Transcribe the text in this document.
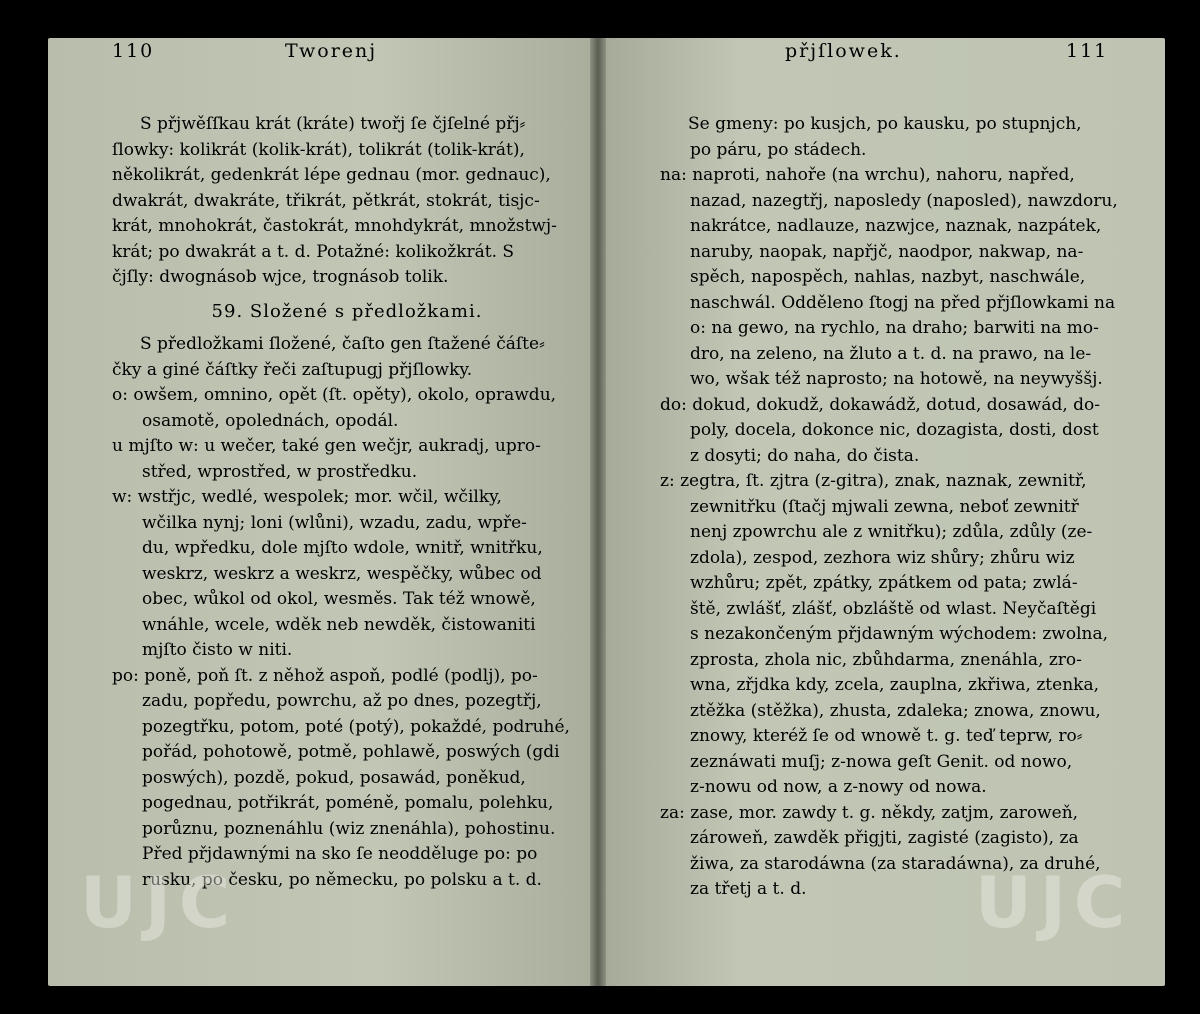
110	Tworenj	přjſlowek.	111
S přjwěſſkau krát (kráte) twořj ſe čjſelné přj⸗
ſlowky: kolikrát (kolik-krát), tolikrát (tolik-krát),
několikrát, gedenkrát lépe gednau (mor. gednauc),
dwakrát, dwakráte, třikrát, pětkrát, stokrát, tisjc-
krát, mnohokrát, častokrát, mnohdykrát, množstwj-
krát; po dwakrát a t. d. Potažné: kolikožkrát. S
čjſly: dwognásob wjce, trognásob tolik.
59. Složené s předložkami.
S předložkami ſložené, čaſto gen ſtažené čáſte⸗
čky a giné čáſtky řeči zaſtupugj přjſlowky.
o: owšem, omnino, opět (ſt. opěty), okolo, oprawdu,
osamotě, opolednách, opodál.
u mjſto w: u wečer, také gen wečjr, aukradj, upro-
střed, wprostřed, w prostředku.
w: wstřjc, wedlé, wespolek; mor. wčil, wčilky,
wčilka nynj; loni (wlůni), wzadu, zadu, wpře-
du, wpředku, dole mjſto wdole, wnitř, wnitřku,
weskrz, weskrz a weskrz, wespěčky, wůbec od
obec, wůkol od okol, wesměs. Tak též wnowě,
wnáhle, wcele, wděk neb newděk, čistowaniti
mjſto čisto w niti.
po: poně, poň ſt. z něhož aspoň, podlé (podlj), po-
zadu, popředu, powrchu, až po dnes, pozegtřj,
pozegtřku, potom, poté (potý), pokaždé, podruhé,
pořád, pohotowě, potmě, pohlawě, poswých (gdi
poswých), pozdě, pokud, posawád, poněkud,
pogednau, potřikrát, poméně, pomalu, polehku,
porůznu, poznenáhlu (wiz znenáhla), pohostinu.
Před přjdawnými na sko ſe neoddělugе po: po
rusku, po česku, po německu, po polsku a t. d.
Se gmeny: po kusjch, po kausku, po stupnjch,
po páru, po stádech.
na: naproti, nahoře (na wrchu), nahoru, napřed,
nazad, nazegtřj, naposledy (naposled), nawzdoru,
nakrátce, nadlauze, nazwjce, naznak, nazpátek,
naruby, naopak, napřjč, naodpor, nakwap, na-
spěch, napospěch, nahlas, nazbyt, naschwále,
naschwál. Odděleno ſtogj na před přjſlowkami na
o: na gewo, na rychlo, na draho; barwiti na mo-
dro, na zeleno, na žluto a t. d. na prawo, na le-
wo, wšak též naprosto; na hotowě, na neywyššj.
do: dokud, dokudž, dokawádž, dotud, dosawád, do-
poly, docela, dokonce nic, dozagista, dosti, dost
z dosyti; do naha, do čista.
z: zegtra, ſt. zjtra (z-gitra), znak, naznak, zewnitř,
zewnitřku (ſtačj mjwali zewna, neboť zewnitř
nenj zpowrchu ale z wnitřku); zdůla, zdůly (ze-
zdola), zespod, zezhora wiz shůry; zhůru wiz
wzhůru; zpět, zpátky, zpátkem od pata; zwlá-
ště, zwlášť, zlášť, obzláště od wlast. Neyčaſtěgi
s nezakončeným přjdawným wýchodem: zwolna,
zprosta, zhola nic, zbůhdarma, znenáhla, zro-
wna, zřjdka kdy, zcela, zauplna, zkřiwa, ztenka,
ztěžka (stěžka), zhusta, zdaleka; znowa, znowu,
znowy, kteréž ſe od wnowě t. g. teď teprw, ro⸗
zeznáwati muſj; z-nowa geſt Genit. od nowo,
z-nowu od now, a z-nowy od nowa.
za: zase, mor. zawdy t. g. někdy, zatjm, zaroweň,
zároweň, zawděk přigjti, zagisté (zagisto), za
žiwa, za starodáwna (za staradáwna), za druhé,
za třetj a t. d.
UJC	UJC
